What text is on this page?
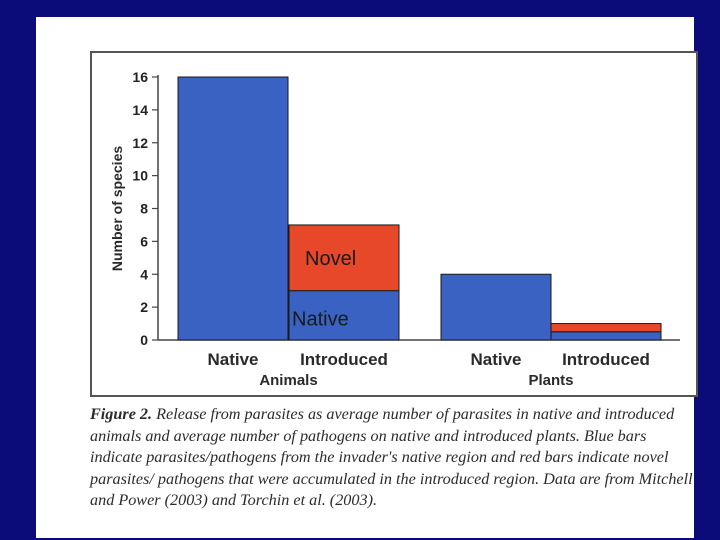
0
2
4
6
8
10
12
14
16
Number of species
Native Introduced	Native Introduced
Animals	Plants
Novel
Native
Figure 2. Release from parasites as average number of parasites in native and introduced animals and average number of pathogens on native and introduced plants. Blue bars indicate parasites/pathogens from the invader's native region and red bars indicate novel parasites/ pathogens that were accumulated in the introduced region. Data are from Mitchell and Power (2003) and Torchin et al. (2003).
